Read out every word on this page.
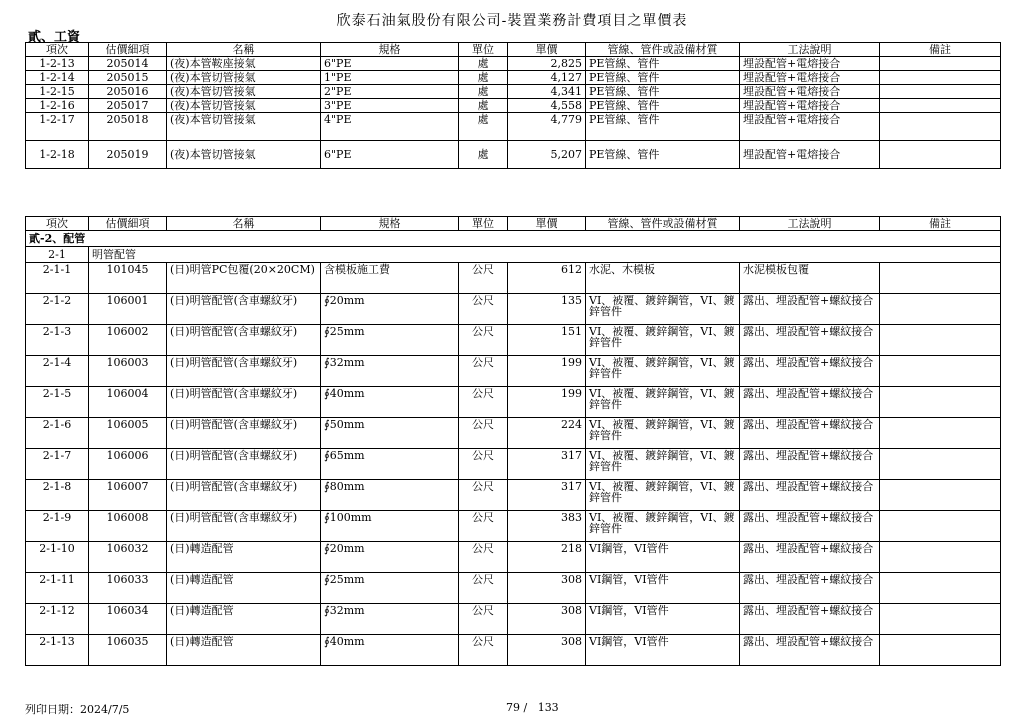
欣泰石油氣股份有限公司-裝置業務計費項目之單價表
貳、工資
項次	估價細項	名稱	規格	單位	單價	管線、管件或設備材質	工法說明	備註
1-2-13	205014	(夜)本管鞍座接氣	6"PE	處	2,825	PE管線、管件	埋設配管+電熔接合	
1-2-14	205015	(夜)本管切管接氣	1"PE	處	4,127	PE管線、管件	埋設配管+電熔接合	
1-2-15	205016	(夜)本管切管接氣	2"PE	處	4,341	PE管線、管件	埋設配管+電熔接合	
1-2-16	205017	(夜)本管切管接氣	3"PE	處	4,558	PE管線、管件	埋設配管+電熔接合	
1-2-17	205018	(夜)本管切管接氣	4"PE	處	4,779	PE管線、管件	埋設配管+電熔接合	
1-2-18	205019	(夜)本管切管接氣	6"PE	處	5,207	PE管線、管件	埋設配管+電熔接合	
項次	估價細項	名稱	規格	單位	單價	管線、管件或設備材質	工法說明	備註
貳-2、配管								
2-1	明管配管							
2-1-1	101045	(日)明管PC包覆(20×20CM)	含模板施工費	公尺	612	水泥、木模板	水泥模板包覆	
2-1-2	106001	(日)明管配管(含車螺紋牙)	∮20mm	公尺	135	VI、被覆、鍍鋅鋼管，VI、鍍鋅管件	露出、埋設配管+螺紋接合	
2-1-3	106002	(日)明管配管(含車螺紋牙)	∮25mm	公尺	151	VI、被覆、鍍鋅鋼管，VI、鍍鋅管件	露出、埋設配管+螺紋接合	
2-1-4	106003	(日)明管配管(含車螺紋牙)	∮32mm	公尺	199	VI、被覆、鍍鋅鋼管，VI、鍍鋅管件	露出、埋設配管+螺紋接合	
2-1-5	106004	(日)明管配管(含車螺紋牙)	∮40mm	公尺	199	VI、被覆、鍍鋅鋼管，VI、鍍鋅管件	露出、埋設配管+螺紋接合	
2-1-6	106005	(日)明管配管(含車螺紋牙)	∮50mm	公尺	224	VI、被覆、鍍鋅鋼管，VI、鍍鋅管件	露出、埋設配管+螺紋接合	
2-1-7	106006	(日)明管配管(含車螺紋牙)	∮65mm	公尺	317	VI、被覆、鍍鋅鋼管，VI、鍍鋅管件	露出、埋設配管+螺紋接合	
2-1-8	106007	(日)明管配管(含車螺紋牙)	∮80mm	公尺	317	VI、被覆、鍍鋅鋼管，VI、鍍鋅管件	露出、埋設配管+螺紋接合	
2-1-9	106008	(日)明管配管(含車螺紋牙)	∮100mm	公尺	383	VI、被覆、鍍鋅鋼管，VI、鍍鋅管件	露出、埋設配管+螺紋接合	
2-1-10	106032	(日)轉造配管	∮20mm	公尺	218	VI鋼管，VI管件	露出、埋設配管+螺紋接合	
2-1-11	106033	(日)轉造配管	∮25mm	公尺	308	VI鋼管，VI管件	露出、埋設配管+螺紋接合	
2-1-12	106034	(日)轉造配管	∮32mm	公尺	308	VI鋼管，VI管件	露出、埋設配管+螺紋接合	
2-1-13	106035	(日)轉造配管	∮40mm	公尺	308	VI鋼管，VI管件	露出、埋設配管+螺紋接合	
列印日期：2024/7/5	79 /   133
